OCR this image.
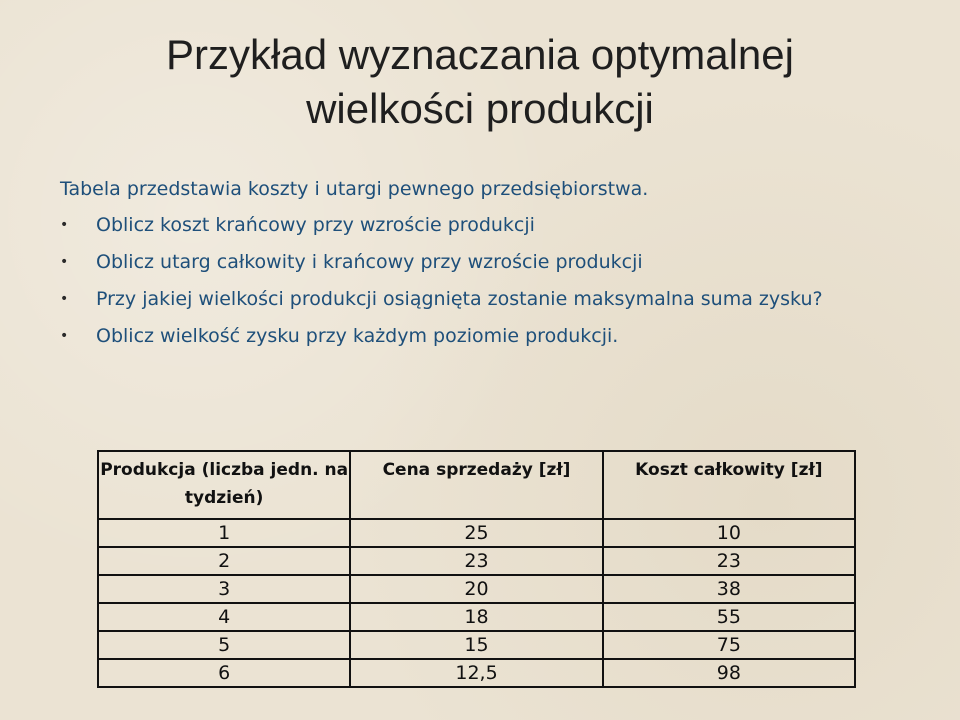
Przykład wyznaczania optymalnej
wielkości produkcji

Tabela przedstawia koszty i utargi pewnego przedsiębiorstwa.

• Oblicz koszt krańcowy przy wzroście produkcji
• Oblicz utarg całkowity i krańcowy przy wzroście produkcji
• Przy jakiej wielkości produkcji osiągnięta zostanie maksymalna suma zysku?
• Oblicz wielkość zysku przy każdym poziomie produkcji.
Produkcja (liczba jedn. na tydzień)	Cena sprzedaży [zł]	Koszt całkowity [zł]
1	25	10
2	23	23
3	20	38
4	18	55
5	15	75
6	12,5	98
